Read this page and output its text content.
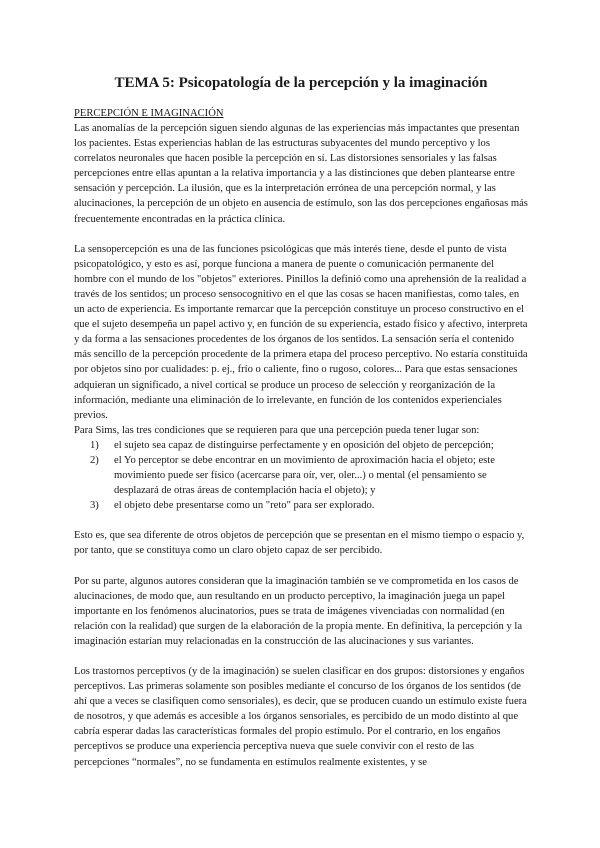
TEMA 5: Psicopatología de la percepción y la imaginación

PERCEPCIÓN E IMAGINACIÓN

Las anomalías de la percepción siguen siendo algunas de las experiencias más impactantes que presentan los pacientes. Estas experiencias hablan de las estructuras subyacentes del mundo perceptivo y los correlatos neuronales que hacen posible la percepción en sí. Las distorsiones sensoriales y las falsas percepciones entre ellas apuntan a la relativa importancia y a las distinciones que deben plantearse entre sensación y percepción. La ilusión, que es la interpretación errónea de una percepción normal, y las alucinaciones, la percepción de un objeto en ausencia de estímulo, son las dos percepciones engañosas más frecuentemente encontradas en la práctica clínica.

La sensopercepción es una de las funciones psicológicas que más interés tiene, desde el punto de vista psicopatológico, y esto es así, porque funciona a manera de puente o comunicación permanente del hombre con el mundo de los "objetos" exteriores. Pinillos la definió como una aprehensión de la realidad a través de los sentidos; un proceso sensocognitivo en el que las cosas se hacen manifiestas, como tales, en un acto de experiencia. Es importante remarcar que la percepción constituye un proceso constructivo en el que el sujeto desempeña un papel activo y, en función de su experiencia, estado físico y afectivo, interpreta y da forma a las sensaciones procedentes de los órganos de los sentidos. La sensación sería el contenido más sencillo de la percepción procedente de la primera etapa del proceso perceptivo. No estaría constituida por objetos sino por cualidades: p. ej., frío o caliente, fino o rugoso, colores... Para que estas sensaciones adquieran un significado, a nivel cortical se produce un proceso de selección y reorganización de la información, mediante una eliminación de lo irrelevante, en función de los contenidos experienciales previos.

Para Sims, las tres condiciones que se requieren para que una percepción pueda tener lugar son:

1)	el sujeto sea capaz de distinguirse perfectamente y en oposición del objeto de percepción;
2)	el Yo perceptor se debe encontrar en un movimiento de aproximación hacia el objeto; este movimiento puede ser físico (acercarse para oír, ver, oler...) o mental (el pensamiento se desplazará de otras áreas de contemplación hacia el objeto); y
3)	el objeto debe presentarse como un "reto" para ser explorado.

Esto es, que sea diferente de otros objetos de percepción que se presentan en el mismo tiempo o espacio y, por tanto, que se constituya como un claro objeto capaz de ser percibido.

Por su parte, algunos autores consideran que la imaginación también se ve comprometida en los casos de alucinaciones, de modo que, aun resultando en un producto perceptivo, la imaginación juega un papel importante en los fenómenos alucinatorios, pues se trata de imágenes vivenciadas con normalidad (en relación con la realidad) que surgen de la elaboración de la propia mente. En definitiva, la percepción y la imaginación estarían muy relacionadas en la construcción de las alucinaciones y sus variantes.

Los trastornos perceptivos (y de la imaginación) se suelen clasificar en dos grupos: distorsiones y engaños perceptivos. Las primeras solamente son posibles mediante el concurso de los órganos de los sentidos (de ahí que a veces se clasifiquen como sensoriales), es decir, que se producen cuando un estímulo existe fuera de nosotros, y que además es accesible a los órganos sensoriales, es percibido de un modo distinto al que cabría esperar dadas las características formales del propio estímulo. Por el contrario, en los engaños perceptivos se produce una experiencia perceptiva nueva que suele convivir con el resto de las percepciones “normales”, no se fundamenta en estímulos realmente existentes, y se
